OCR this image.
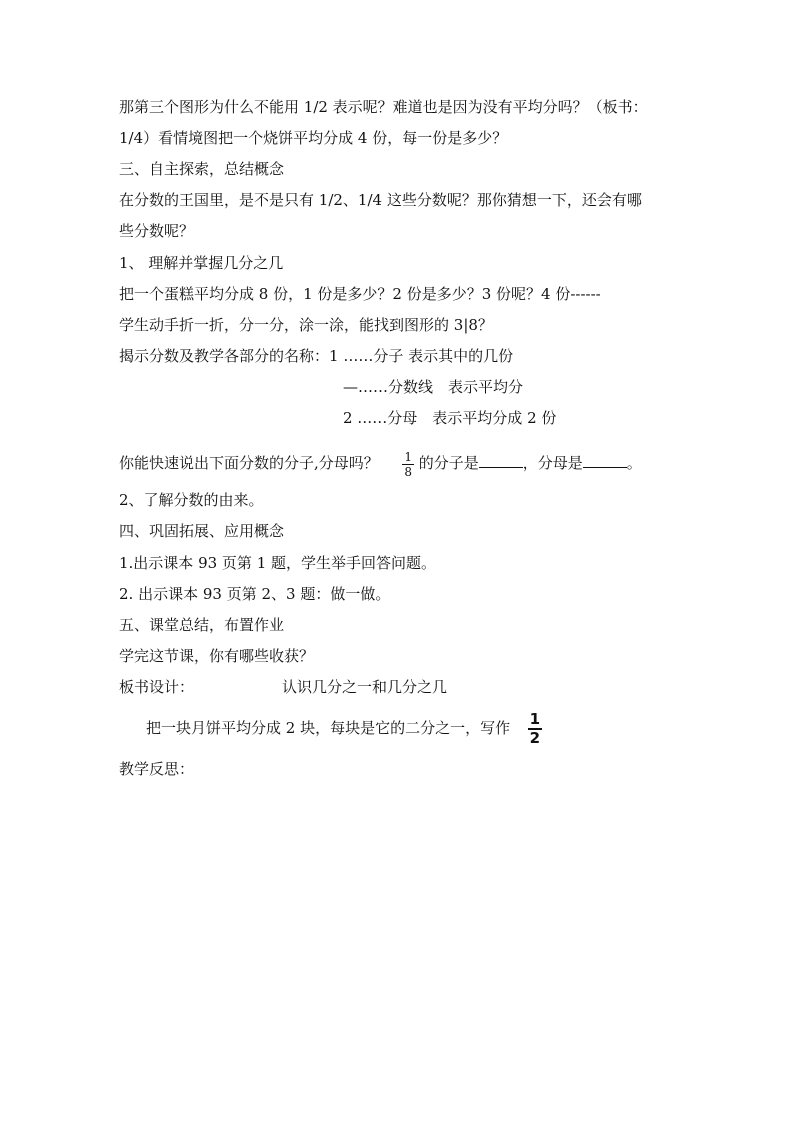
那第三个图形为什么不能用 1/2 表示呢？难道也是因为没有平均分吗？（板书：
1/4）看情境图把一个烧饼平均分成 4 份，每一份是多少？
三、自主探索，总结概念
在分数的王国里，是不是只有 1/2、1/4 这些分数呢？那你猜想一下，还会有哪
些分数呢？
1、 理解并掌握几分之几
把一个蛋糕平均分成 8 份，1 份是多少？2 份是多少？3 份呢？4 份------
学生动手折一折，分一分，涂一涂，能找到图形的 3|8？
揭示分数及教学各部分的名称：1 ……分子 表示其中的几份
—……分数线　表示平均分
2 ……分母　表示平均分成 2 份
你能快速说出下面分数的分子,分母吗？ $\frac{1}{8}$ 的分子是	，分母是	。
2、了解分数的由来。
四、巩固拓展、应用概念
1.出示课本 93 页第 1 题，学生举手回答问题。
2. 出示课本 93 页第 2、3 题：做一做。
五、课堂总结，布置作业
学完这节课，你有哪些收获？
板书设计：	认识几分之一和几分之几
把一块月饼平均分成 2 块，每块是它的二分之一，写作 $\frac{1}{2}$
教学反思：
